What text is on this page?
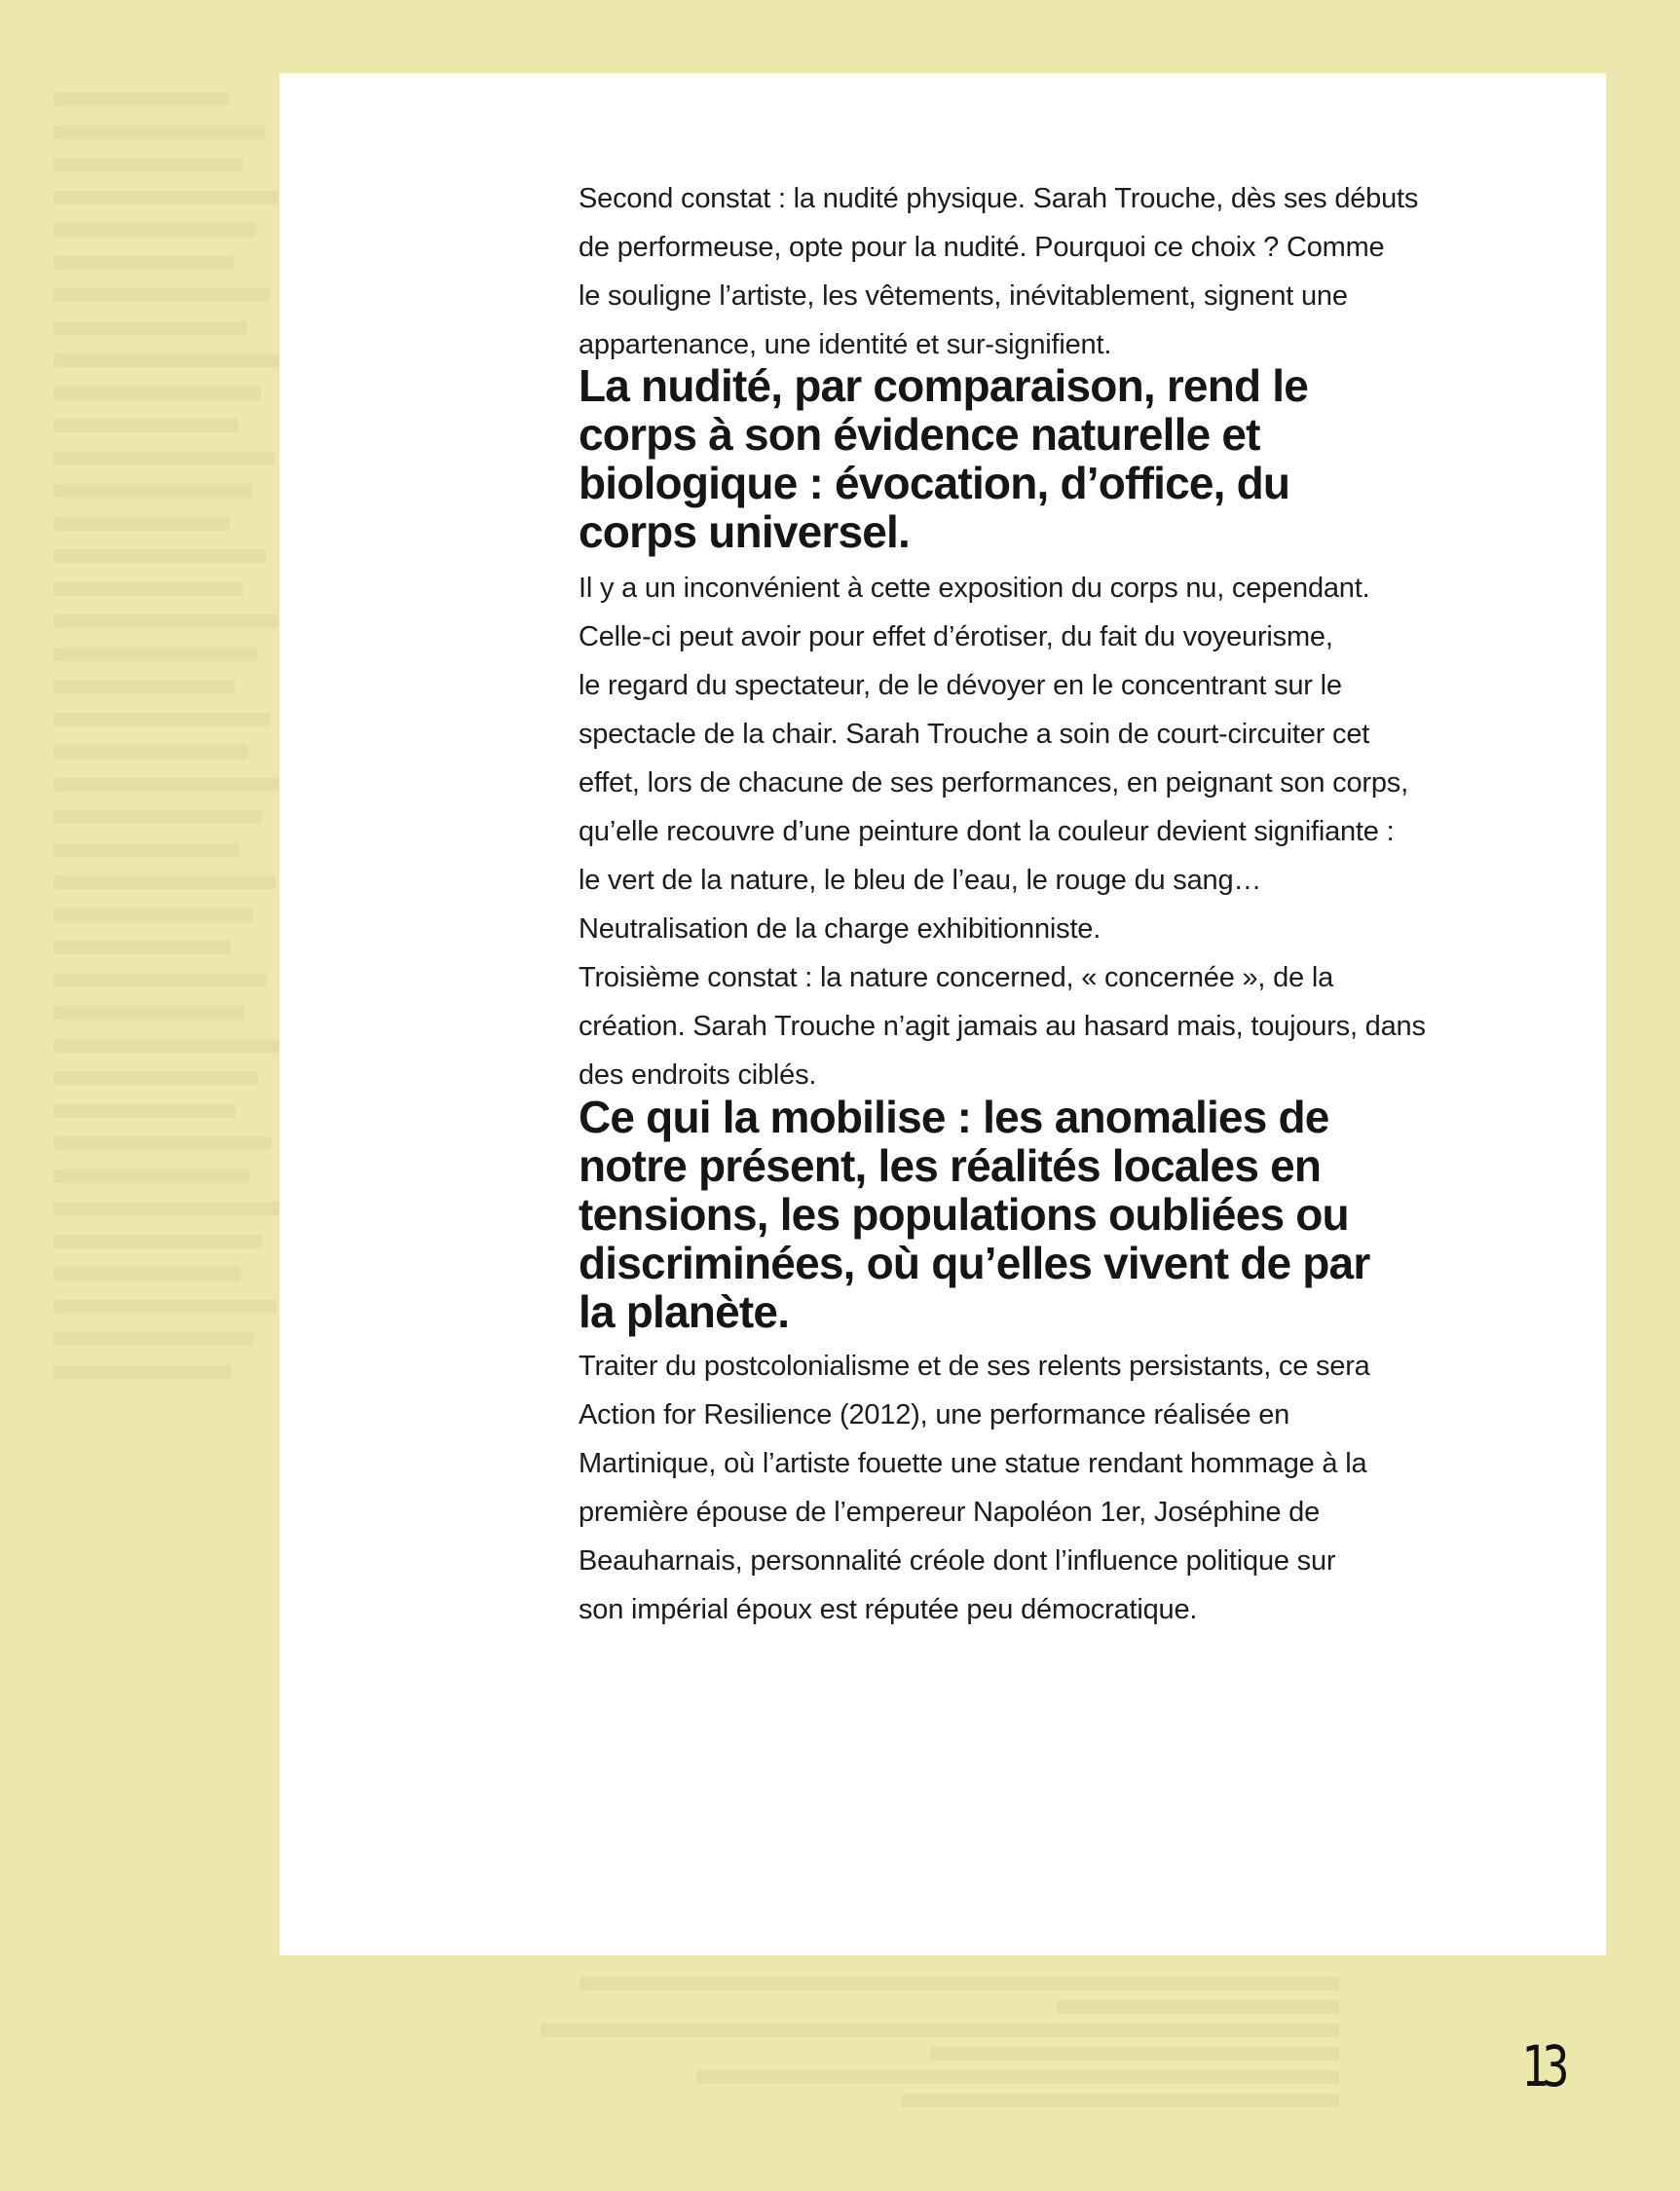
Second constat : la nudité physique. Sarah Trouche, dès ses débuts
de performeuse, opte pour la nudité. Pourquoi ce choix ? Comme
le souligne l’artiste, les vêtements, inévitablement, signent une
appartenance, une identité et sur-signifient.
La nudité, par comparaison, rend le
corps à son évidence naturelle et
biologique : évocation, d’office, du
corps universel.
Il y a un inconvénient à cette exposition du corps nu, cependant.
Celle-ci peut avoir pour effet d’érotiser, du fait du voyeurisme,
le regard du spectateur, de le dévoyer en le concentrant sur le
spectacle de la chair. Sarah Trouche a soin de court-circuiter cet
effet, lors de chacune de ses performances, en peignant son corps,
qu’elle recouvre d’une peinture dont la couleur devient signifiante :
le vert de la nature, le bleu de l’eau, le rouge du sang…
Neutralisation de la charge exhibitionniste.
Troisième constat : la nature concerned, « concernée », de la
création. Sarah Trouche n’agit jamais au hasard mais, toujours, dans
des endroits ciblés.
Ce qui la mobilise : les anomalies de
notre présent, les réalités locales en
tensions, les populations oubliées ou
discriminées, où qu’elles vivent de par
la planète.
Traiter du postcolonialisme et de ses relents persistants, ce sera
Action for Resilience (2012), une performance réalisée en
Martinique, où l’artiste fouette une statue rendant hommage à la
première épouse de l’empereur Napoléon 1er, Joséphine de
Beauharnais, personnalité créole dont l’influence politique sur
son impérial époux est réputée peu démocratique.
13
